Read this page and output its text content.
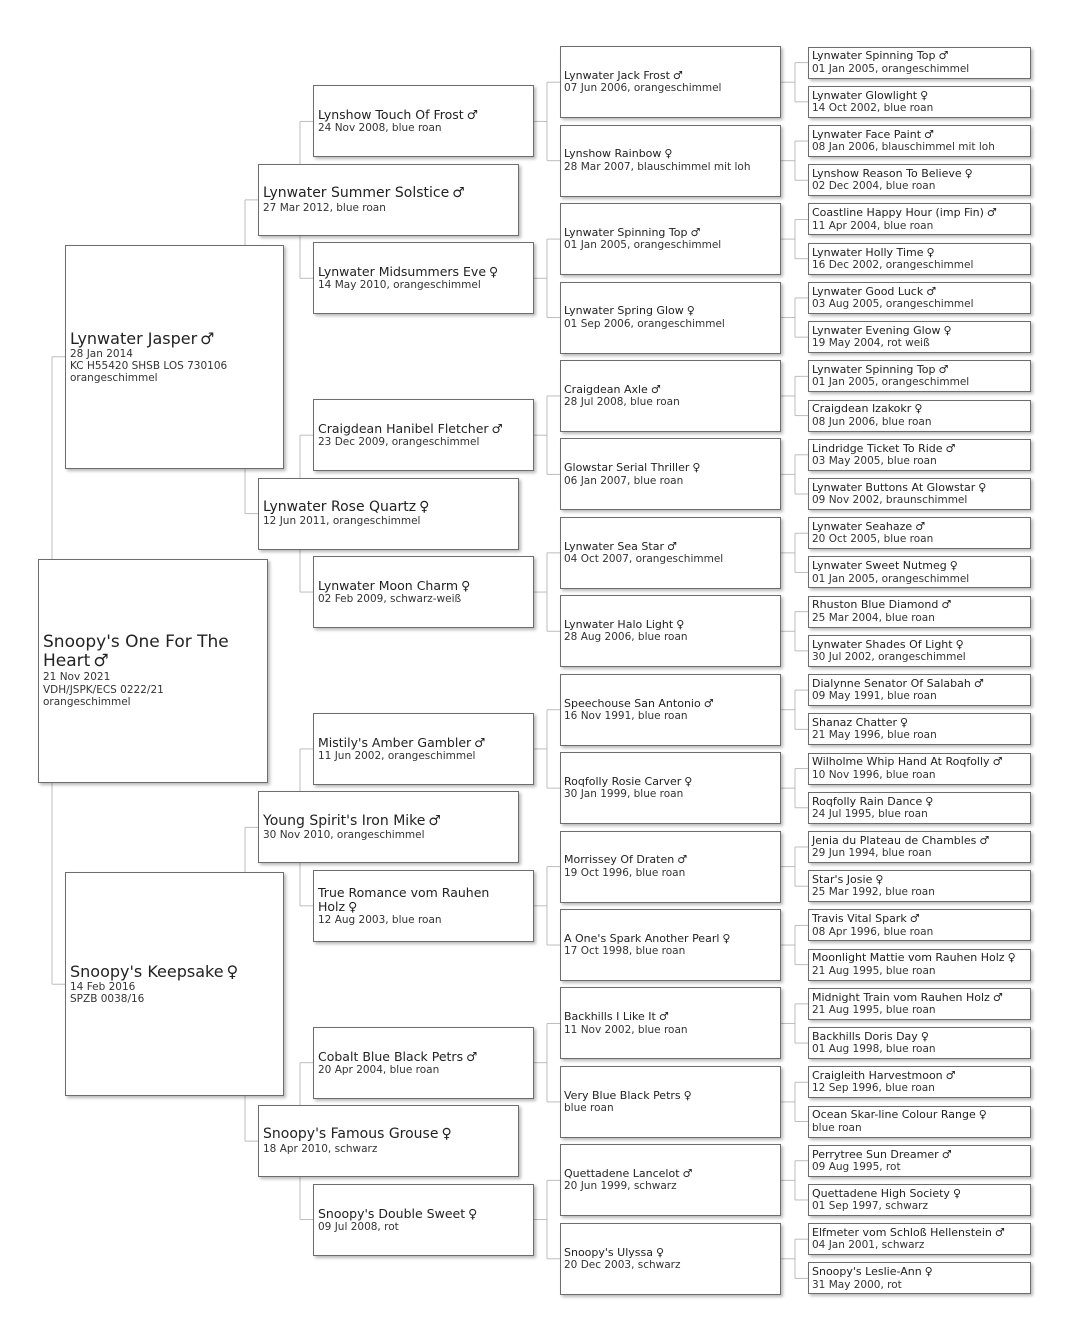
Snoopy's One For The Heart ♂
21 Nov 2021
VDH/JSPK/ECS 0222/21
orangeschimmel
Lynwater Jasper ♂
28 Jan 2014
KC H55420 SHSB LOS 730106
orangeschimmel
Snoopy's Keepsake ♀
14 Feb 2016
SPZB 0038/16
Lynwater Summer Solstice ♂
27 Mar 2012, blue roan
Lynwater Rose Quartz ♀
12 Jun 2011, orangeschimmel
Young Spirit's Iron Mike ♂
30 Nov 2010, orangeschimmel
Snoopy's Famous Grouse ♀
18 Apr 2010, schwarz
Lynshow Touch Of Frost ♂
24 Nov 2008, blue roan
Lynwater Midsummers Eve ♀
14 May 2010, orangeschimmel
Craigdean Hanibel Fletcher ♂
23 Dec 2009, orangeschimmel
Lynwater Moon Charm ♀
02 Feb 2009, schwarz-weiß
Mistily's Amber Gambler ♂
11 Jun 2002, orangeschimmel
True Romance vom Rauhen Holz ♀
12 Aug 2003, blue roan
Cobalt Blue Black Petrs ♂
20 Apr 2004, blue roan
Snoopy's Double Sweet ♀
09 Jul 2008, rot
Lynwater Jack Frost ♂
07 Jun 2006, orangeschimmel
Lynshow Rainbow ♀
28 Mar 2007, blauschimmel mit loh
Lynwater Spinning Top ♂
01 Jan 2005, orangeschimmel
Lynwater Spring Glow ♀
01 Sep 2006, orangeschimmel
Craigdean Axle ♂
28 Jul 2008, blue roan
Glowstar Serial Thriller ♀
06 Jan 2007, blue roan
Lynwater Sea Star ♂
04 Oct 2007, orangeschimmel
Lynwater Halo Light ♀
28 Aug 2006, blue roan
Speechouse San Antonio ♂
16 Nov 1991, blue roan
Roqfolly Rosie Carver ♀
30 Jan 1999, blue roan
Morrissey Of Draten ♂
19 Oct 1996, blue roan
A One's Spark Another Pearl ♀
17 Oct 1998, blue roan
Backhills I Like It ♂
11 Nov 2002, blue roan
Very Blue Black Petrs ♀
blue roan
Quettadene Lancelot ♂
20 Jun 1999, schwarz
Snoopy's Ulyssa ♀
20 Dec 2003, schwarz
Lynwater Spinning Top ♂
01 Jan 2005, orangeschimmel
Lynwater Glowlight ♀
14 Oct 2002, blue roan
Lynwater Face Paint ♂
08 Jan 2006, blauschimmel mit loh
Lynshow Reason To Believe ♀
02 Dec 2004, blue roan
Coastline Happy Hour (imp Fin) ♂
11 Apr 2004, blue roan
Lynwater Holly Time ♀
16 Dec 2002, orangeschimmel
Lynwater Good Luck ♂
03 Aug 2005, orangeschimmel
Lynwater Evening Glow ♀
19 May 2004, rot weiß
Lynwater Spinning Top ♂
01 Jan 2005, orangeschimmel
Craigdean Izakokr ♀
08 Jun 2006, blue roan
Lindridge Ticket To Ride ♂
03 May 2005, blue roan
Lynwater Buttons At Glowstar ♀
09 Nov 2002, braunschimmel
Lynwater Seahaze ♂
20 Oct 2005, blue roan
Lynwater Sweet Nutmeg ♀
01 Jan 2005, orangeschimmel
Rhuston Blue Diamond ♂
25 Mar 2004, blue roan
Lynwater Shades Of Light ♀
30 Jul 2002, orangeschimmel
Dialynne Senator Of Salabah ♂
09 May 1991, blue roan
Shanaz Chatter ♀
21 May 1996, blue roan
Wilholme Whip Hand At Roqfolly ♂
10 Nov 1996, blue roan
Roqfolly Rain Dance ♀
24 Jul 1995, blue roan
Jenia du Plateau de Chambles ♂
29 Jun 1994, blue roan
Star's Josie ♀
25 Mar 1992, blue roan
Travis Vital Spark ♂
08 Apr 1996, blue roan
Moonlight Mattie vom Rauhen Holz ♀
21 Aug 1995, blue roan
Midnight Train vom Rauhen Holz ♂
21 Aug 1995, blue roan
Backhills Doris Day ♀
01 Aug 1998, blue roan
Craigleith Harvestmoon ♂
12 Sep 1996, blue roan
Ocean Skar-line Colour Range ♀
blue roan
Perrytree Sun Dreamer ♂
09 Aug 1995, rot
Quettadene High Society ♀
01 Sep 1997, schwarz
Elfmeter vom Schloß Hellenstein ♂
04 Jan 2001, schwarz
Snoopy's Leslie-Ann ♀
31 May 2000, rot
